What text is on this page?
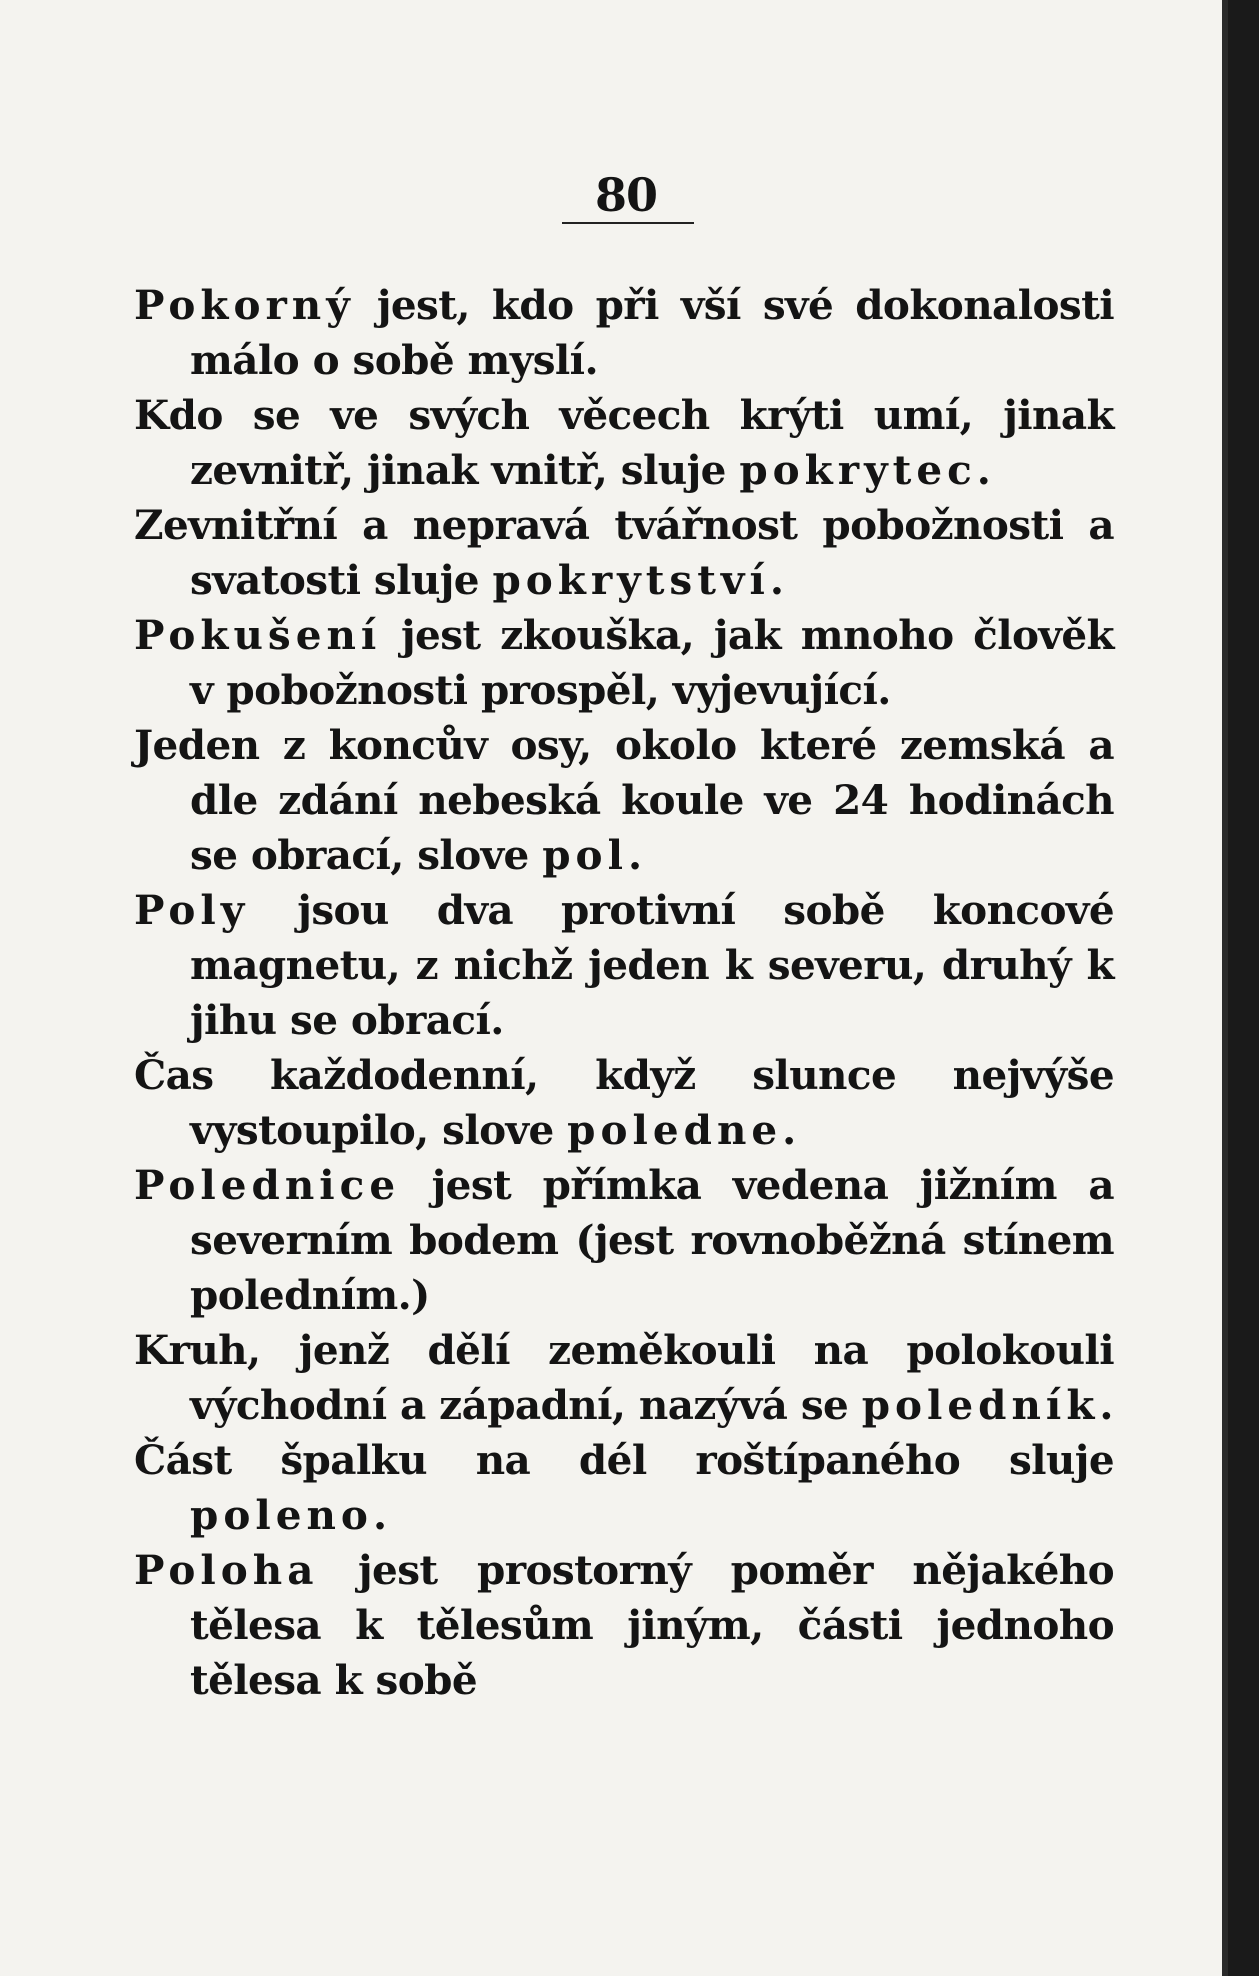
80

Pokorný jest, kdo při vší své dokonalosti málo o sobě myslí.

Kdo se ve svých věcech krýti umí, jinak zevnitř, jinak vnitř, sluje pokrytec.

Zevnitřní a nepravá tvářnost pobožnosti a svatosti sluje pokrytství.

Pokušení jest zkouška, jak mnoho člověk v pobožnosti prospěl, vyjevující.

Jeden z koncův osy, okolo které zemská a dle zdání nebeská koule ve 24 hodinách se obrací, slove pol.

Poly jsou dva protivní sobě koncové magnetu, z nichž jeden k severu, druhý k jihu se obrací.

Čas každodenní, když slunce nejvýše vystoupilo, slove poledne.

Polednice jest přímka vedena jižním a severním bodem (jest rovnoběžná stínem poledním.)

Kruh, jenž dělí zeměkouli na polokouli východní a západní, nazývá se poledník.

Část špalku na dél roštípaného sluje poleno.

Poloha jest prostorný poměr nějakého tělesa k tělesům jiným, části jednoho tělesa k sobě
